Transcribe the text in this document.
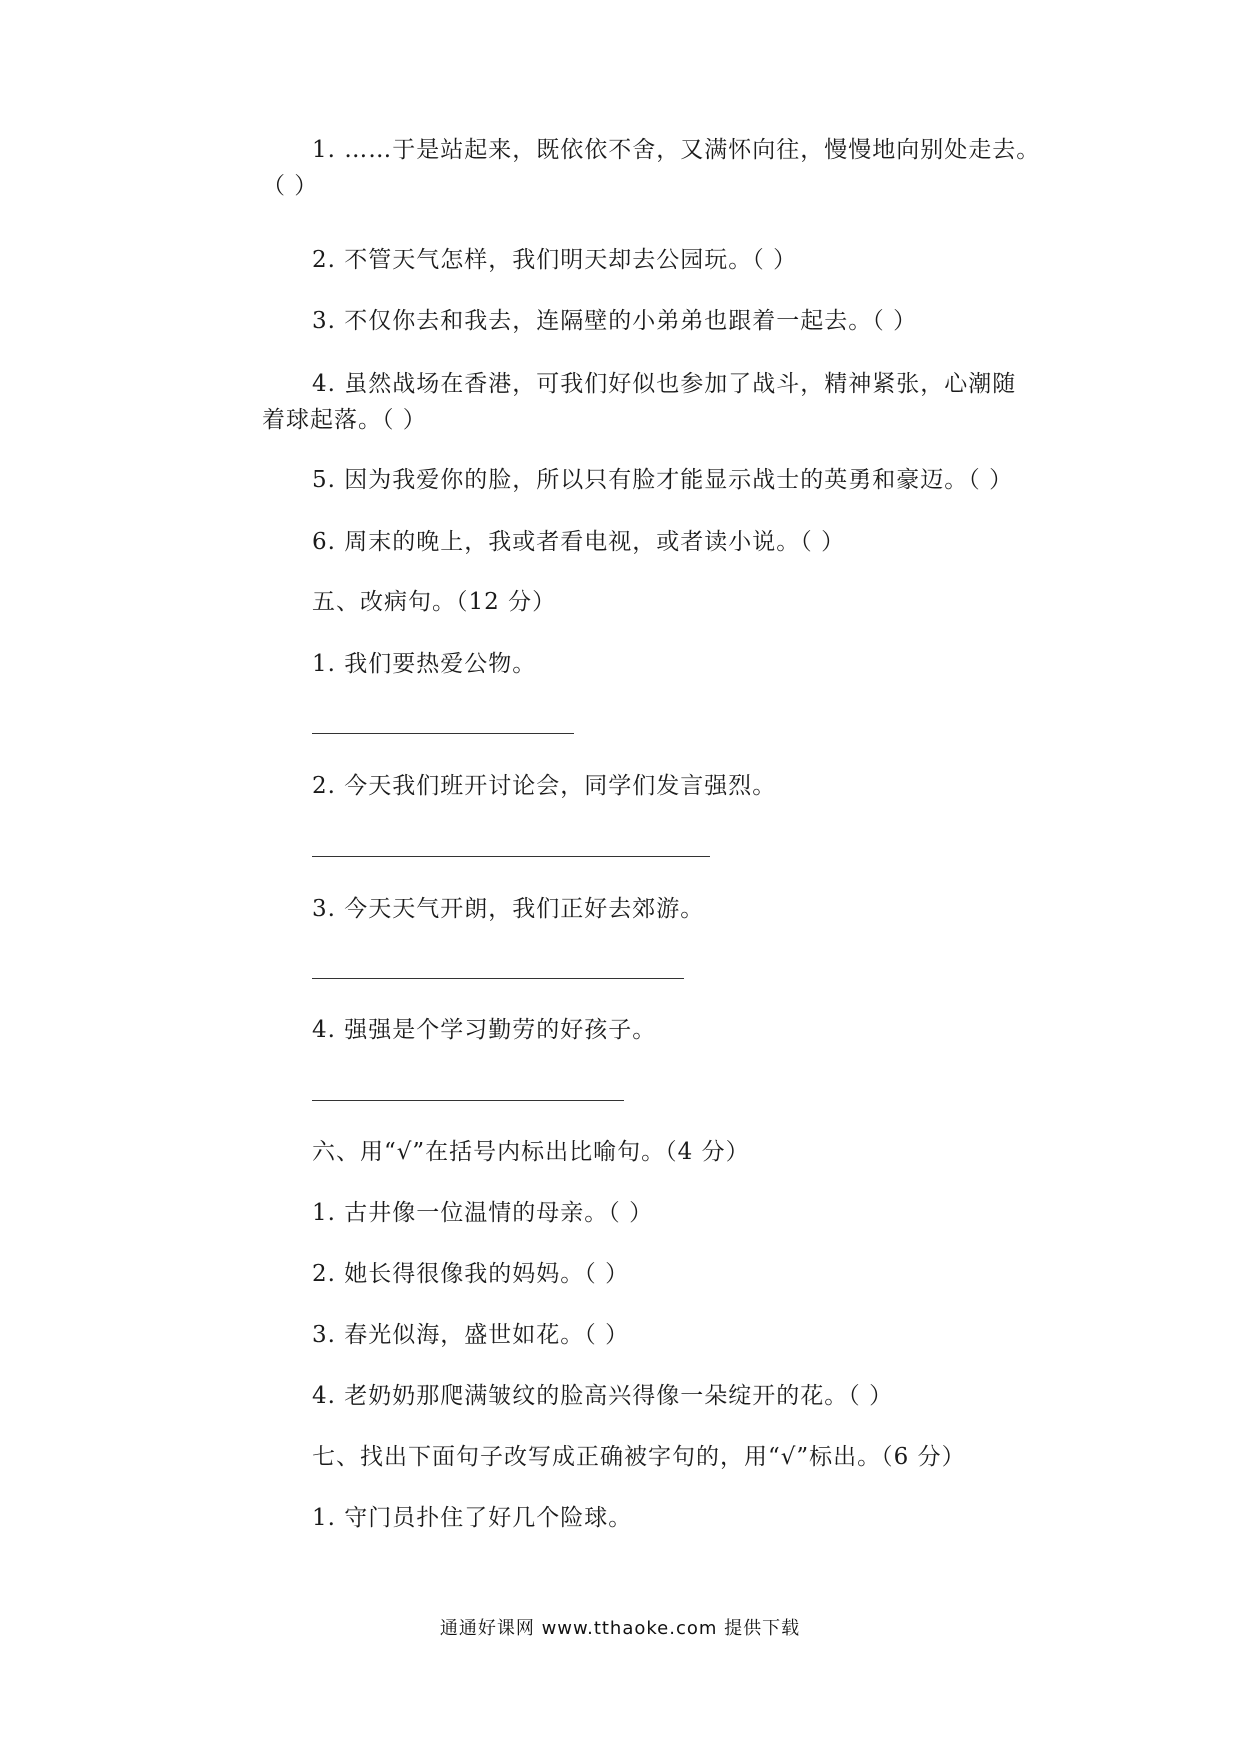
1. ……于是站起来，既依依不舍，又满怀向往，慢慢地向别处走去。
（ ）
2. 不管天气怎样，我们明天却去公园玩。（ ）
3. 不仅你去和我去，连隔壁的小弟弟也跟着一起去。（ ）
4. 虽然战场在香港，可我们好似也参加了战斗，精神紧张，心潮随
着球起落。（ ）
5. 因为我爱你的脸，所以只有脸才能显示战士的英勇和豪迈。（ ）
6. 周末的晚上，我或者看电视，或者读小说。（ ）
五、改病句。（12 分）
1. 我们要热爱公物。
2. 今天我们班开讨论会，同学们发言强烈。
3. 今天天气开朗，我们正好去郊游。
4. 强强是个学习勤劳的好孩子。
六、用“√”在括号内标出比喻句。（4 分）
1. 古井像一位温情的母亲。（ ）
2. 她长得很像我的妈妈。（ ）
3. 春光似海，盛世如花。（ ）
4. 老奶奶那爬满皱纹的脸高兴得像一朵绽开的花。（ ）
七、找出下面句子改写成正确被字句的，用“√”标出。（6 分）
1. 守门员扑住了好几个险球。
通通好课网 www.tthaoke.com 提供下载
